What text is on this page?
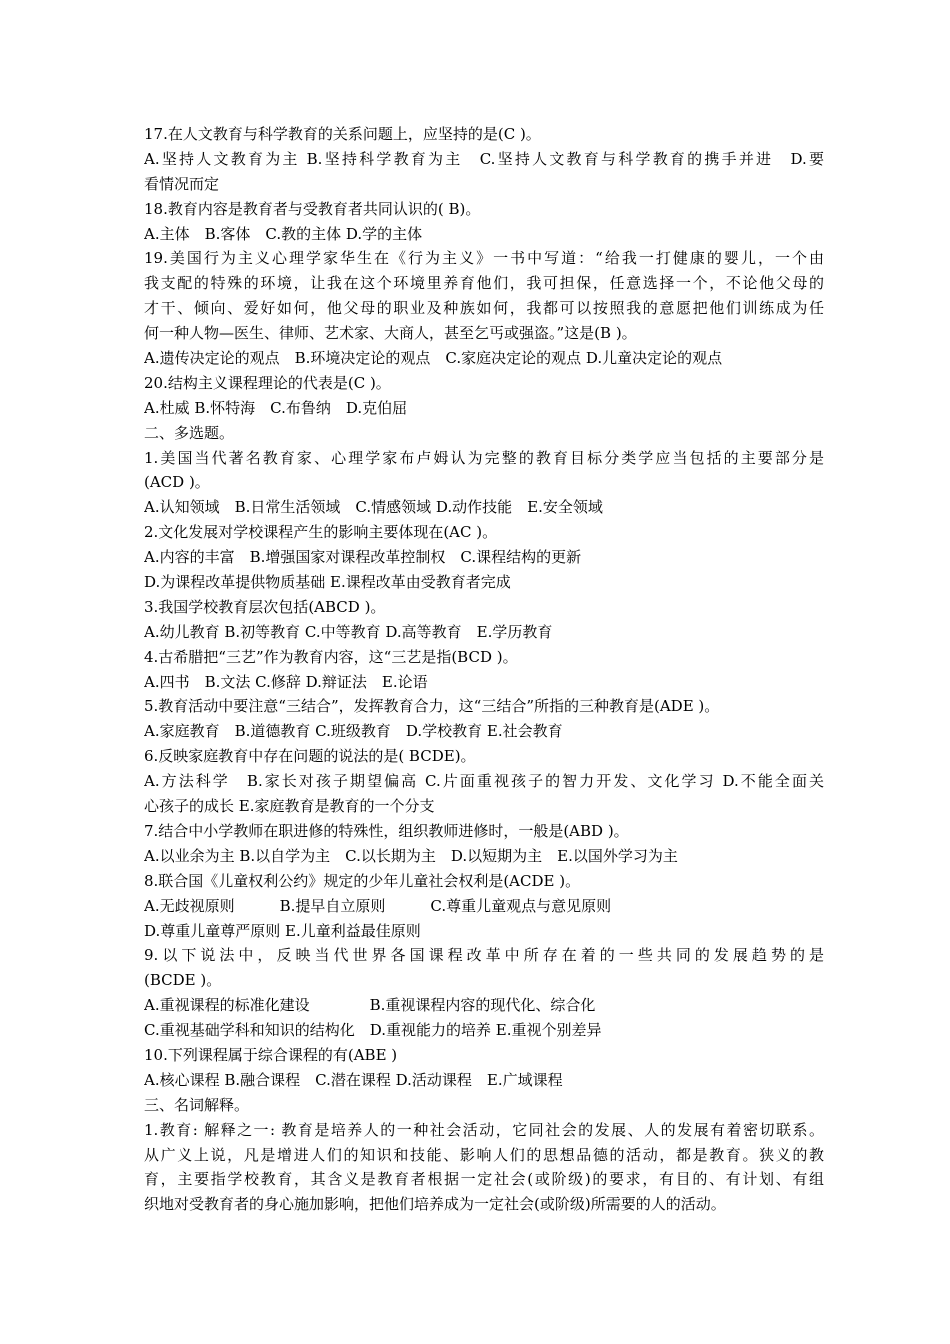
17.在人文教育与科学教育的关系问题上，应坚持的是(C )。
A.坚持人文教育为主 B.坚持科学教育为主　C.坚持人文教育与科学教育的携手并进　D.要
看情况而定
18.教育内容是教育者与受教育者共同认识的( B)。
A.主体　B.客体　C.教的主体 D.学的主体
19.美国行为主义心理学家华生在《行为主义》一书中写道：“给我一打健康的婴儿，一个由
我支配的特殊的环境，让我在这个环境里养育他们，我可担保，任意选择一个，不论他父母的
才干、倾向、爱好如何，他父母的职业及种族如何，我都可以按照我的意愿把他们训练成为任
何一种人物—医生、律师、艺术家、大商人，甚至乞丐或强盗。”这是(B )。
A.遗传决定论的观点　B.环境决定论的观点　C.家庭决定论的观点 D.儿童决定论的观点
20.结构主义课程理论的代表是(C )。
A.杜威 B.怀特海　C.布鲁纳　D.克伯屈
二、多选题。
1.美国当代著名教育家、心理学家布卢姆认为完整的教育目标分类学应当包括的主要部分是
(ACD )。
A.认知领域　B.日常生活领域　C.情感领域 D.动作技能　E.安全领域
2.文化发展对学校课程产生的影响主要体现在(AC )。
A.内容的丰富　B.增强国家对课程改革控制权　C.课程结构的更新
D.为课程改革提供物质基础 E.课程改革由受教育者完成
3.我国学校教育层次包括(ABCD )。
A.幼儿教育 B.初等教育 C.中等教育 D.高等教育　E.学历教育
4.古希腊把“三艺”作为教育内容，这“三艺是指(BCD )。
A.四书　B.文法 C.修辞 D.辩证法　E.论语
5.教育活动中要注意“三结合”，发挥教育合力，这“三结合”所指的三种教育是(ADE )。
A.家庭教育　B.道德教育 C.班级教育　D.学校教育 E.社会教育
6.反映家庭教育中存在问题的说法的是( BCDE)。
A.方法科学　B.家长对孩子期望偏高 C.片面重视孩子的智力开发、文化学习 D.不能全面关
心孩子的成长 E.家庭教育是教育的一个分支
7.结合中小学教师在职进修的特殊性，组织教师进修时，一般是(ABD )。
A.以业余为主 B.以自学为主　C.以长期为主　D.以短期为主　E.以国外学习为主
8.联合国《儿童权利公约》规定的少年儿童社会权利是(ACDE )。
A.无歧视原则　　　B.提早自立原则　　　C.尊重儿童观点与意见原则
D.尊重儿童尊严原则 E.儿童利益最佳原则
9.以下说法中，反映当代世界各国课程改革中所存在着的一些共同的发展趋势的是
(BCDE )。
A.重视课程的标准化建设　　　　B.重视课程内容的现代化、综合化
C.重视基础学科和知识的结构化　D.重视能力的培养 E.重视个别差异
10.下列课程属于综合课程的有(ABE )
A.核心课程 B.融合课程　C.潜在课程 D.活动课程　E.广域课程
三、名词解释。
1.教育: 解释之一: 教育是培养人的一种社会活动，它同社会的发展、人的发展有着密切联系。
从广义上说，凡是增进人们的知识和技能、影响人们的思想品德的活动，都是教育。狭义的教
育，主要指学校教育，其含义是教育者根据一定社会(或阶级)的要求，有目的、有计划、有组
织地对受教育者的身心施加影响，把他们培养成为一定社会(或阶级)所需要的人的活动。
